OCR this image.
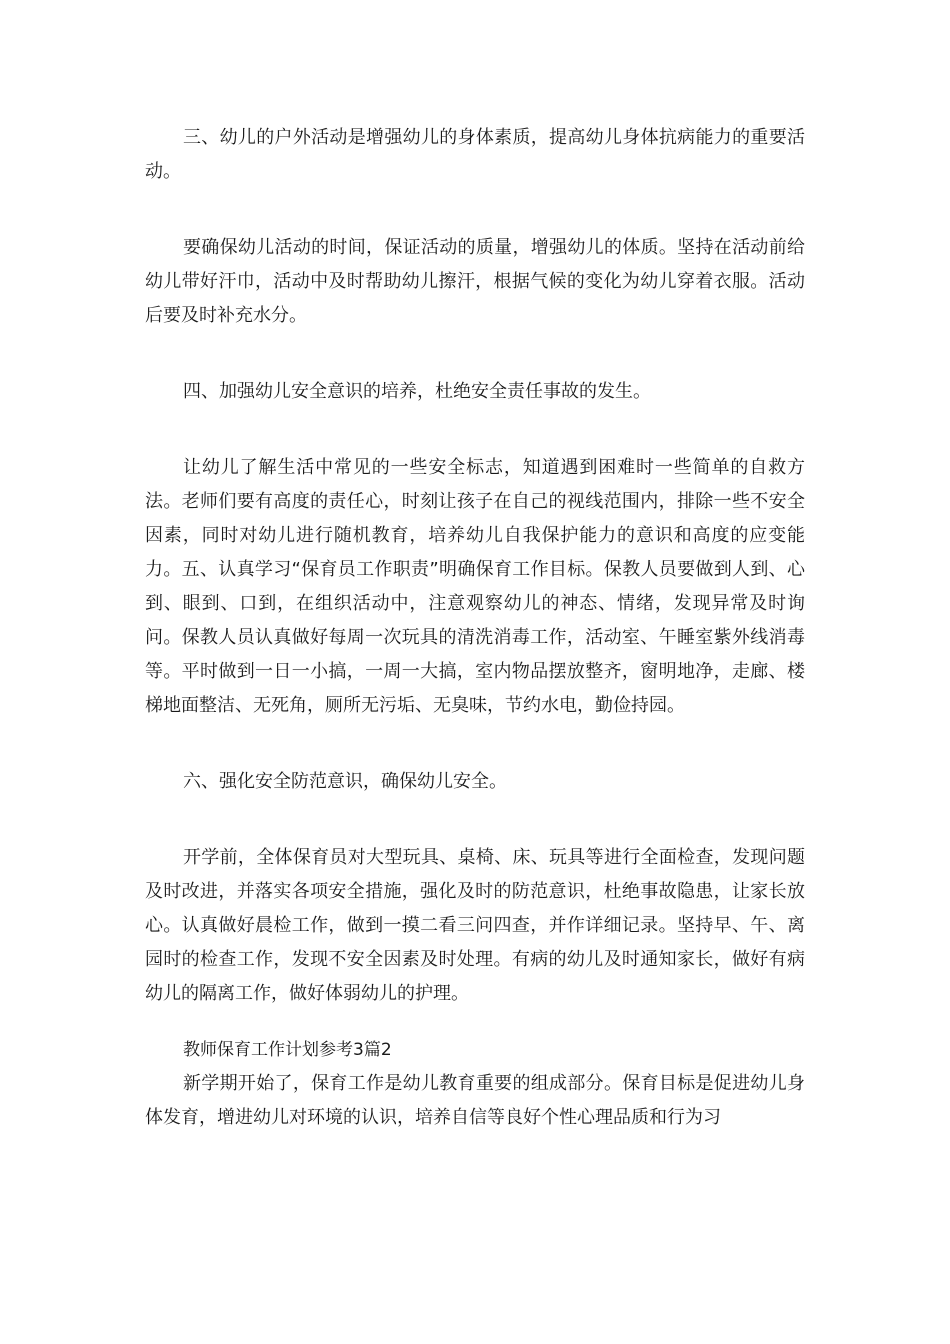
三、幼儿的户外活动是增强幼儿的身体素质，提高幼儿身体抗病能力的重要活动。

要确保幼儿活动的时间，保证活动的质量，增强幼儿的体质。坚持在活动前给幼儿带好汗巾，活动中及时帮助幼儿擦汗，根据气候的变化为幼儿穿着衣服。活动后要及时补充水分。

四、加强幼儿安全意识的培养，杜绝安全责任事故的发生。

让幼儿了解生活中常见的一些安全标志，知道遇到困难时一些简单的自救方法。老师们要有高度的责任心，时刻让孩子在自己的视线范围内，排除一些不安全因素，同时对幼儿进行随机教育，培养幼儿自我保护能力的意识和高度的应变能力。五、认真学习“保育员工作职责”明确保育工作目标。保教人员要做到人到、心到、眼到、口到，在组织活动中，注意观察幼儿的神态、情绪，发现异常及时询问。保教人员认真做好每周一次玩具的清洗消毒工作，活动室、午睡室紫外线消毒等。平时做到一日一小搞，一周一大搞，室内物品摆放整齐，窗明地净，走廊、楼梯地面整洁、无死角，厕所无污垢、无臭味，节约水电，勤俭持园。

六、强化安全防范意识，确保幼儿安全。

开学前，全体保育员对大型玩具、桌椅、床、玩具等进行全面检查，发现问题及时改进，并落实各项安全措施，强化及时的防范意识，杜绝事故隐患，让家长放心。认真做好晨检工作，做到一摸二看三问四查，并作详细记录。坚持早、午、离园时的检查工作，发现不安全因素及时处理。有病的幼儿及时通知家长，做好有病幼儿的隔离工作，做好体弱幼儿的护理。

教师保育工作计划参考3篇2

新学期开始了，保育工作是幼儿教育重要的组成部分。保育目标是促进幼儿身体发育，增进幼儿对环境的认识，培养自信等良好个性心理品质和行为习
